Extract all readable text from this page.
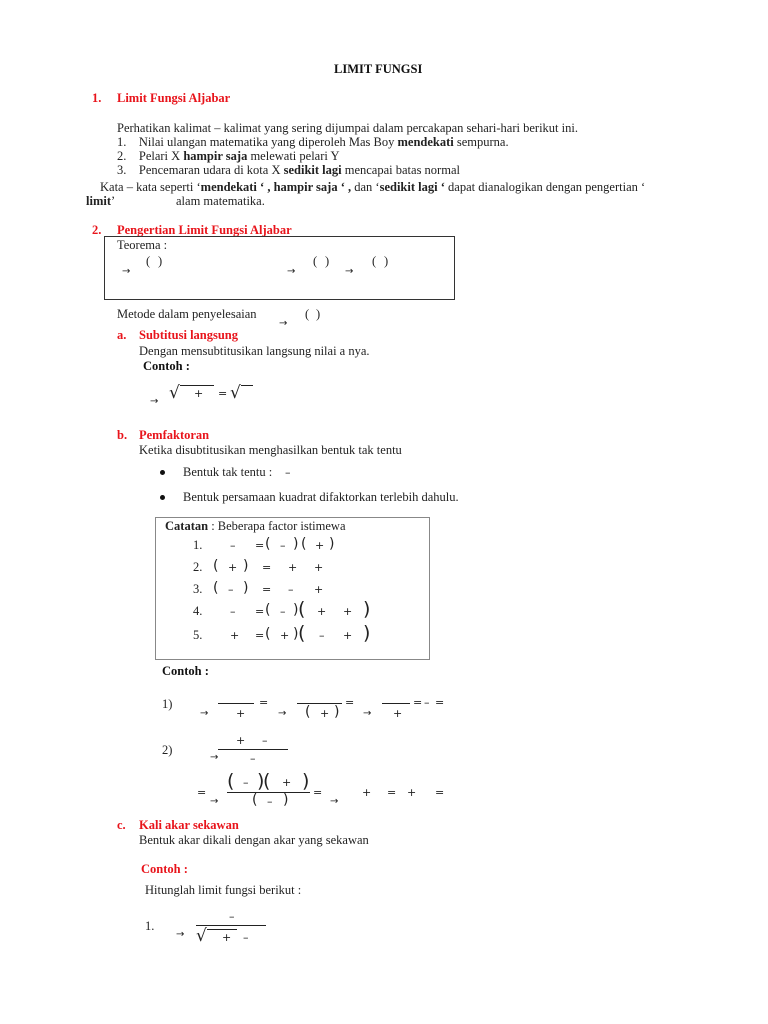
LIMIT FUNGSI
1. Limit Fungsi Aljabar
Perhatikan kalimat – kalimat yang sering dijumpai dalam percakapan sehari-hari berikut ini.
1. Nilai ulangan matematika yang diperoleh Mas Boy mendekati sempurna.
2. Pelari X hampir saja melewati pelari Y
3. Pencemaran udara di kota X sedikit lagi mencapai batas normal
Kata – kata seperti ‘mendekati ‘ , hampir saja ‘ , dan ‘sedikit lagi ‘ dapat dianalogikan dengan pengertian ‘
limit’	alam matematika.
2. Pengertian Limit Fungsi Aljabar
Teorema :
→
( )
→
( )
→
( )
Metode dalam penyelesaian
→
( )
a. Subtitusi langsung
Dengan mensubtitusikan langsung nilai a nya.
Contoh :
→ √ + = √
b. Pemfaktoran
Ketika disubtitusikan menghasilkan bentuk tak tentu
Bentuk tak tentu : –
Bentuk persamaan kuadrat difaktorkan terlebih dahulu.
Catatan : Beberapa factor istimewa
1.	– = ( – ) ( + )
2. ( + ) = + +
3. ( – ) = – +
4.	– = ( – ) ( + + )
5.	+ = ( + ) ( – + )
Contoh :
1)
→	+
=
→ ( + )
=
→ +
= – =
2)
+ –
→	–
=
→
( – )
( + )
( – ) =
→
+ = + =
c. Kali akar sekawan
Bentuk akar dikali dengan akar yang sekawan
Contoh :
Hitunglah limit fungsi berikut :
1.
–
→ √ + –
